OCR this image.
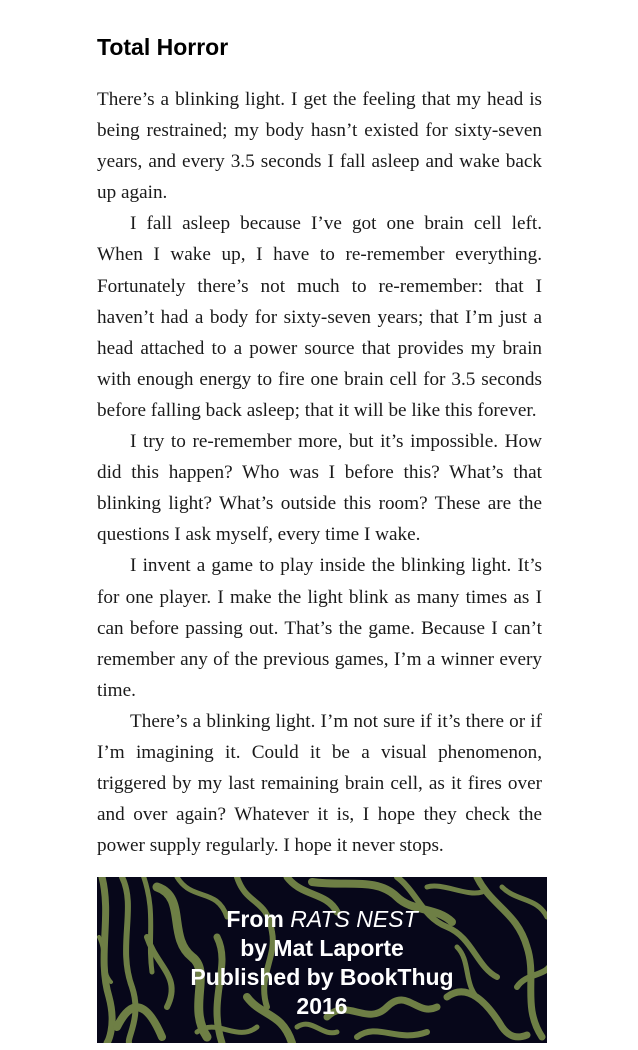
Total Horror

There’s a blinking light. I get the feeling that my head is being restrained; my body hasn’t existed for sixty-seven years, and every 3.5 seconds I fall asleep and wake back up again.

I fall asleep because I’ve got one brain cell left. When I wake up, I have to re-remember everything. Fortunately there’s not much to re-remember: that I haven’t had a body for sixty-seven years; that I’m just a head attached to a power source that provides my brain with enough energy to fire one brain cell for 3.5 seconds before falling back asleep; that it will be like this forever.

I try to re-remember more, but it’s impossible. How did this happen? Who was I before this? What’s that blinking light? What’s outside this room? These are the questions I ask myself, every time I wake.

I invent a game to play inside the blinking light. It’s for one player. I make the light blink as many times as I can before passing out. That’s the game. Because I can’t remember any of the previous games, I’m a winner every time.

There’s a blinking light. I’m not sure if it’s there or if I’m imagining it. Could it be a visual phenomenon, triggered by my last remaining brain cell, as it fires over and over again? Whatever it is, I hope they check the power supply regularly. I hope it never stops.

From RATS NEST
by Mat Laporte
Published by BookThug
2016
